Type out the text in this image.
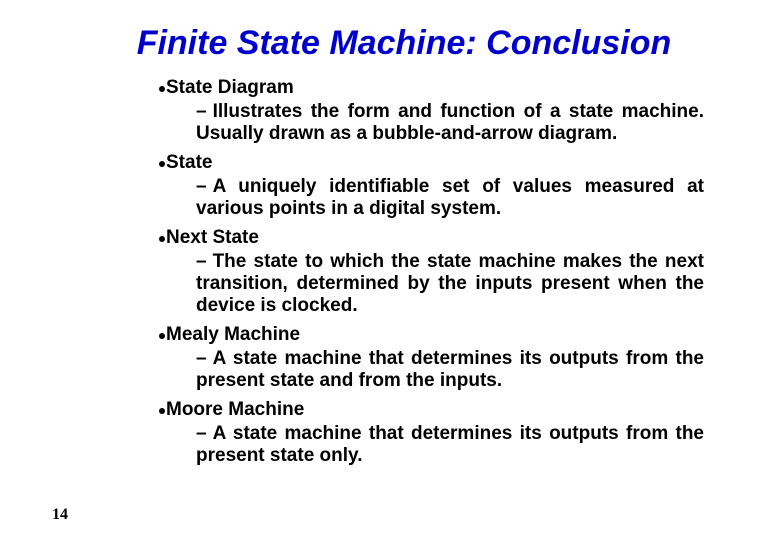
Finite State Machine: Conclusion
State Diagram
– Illustrates the form and function of a state machine. Usually drawn as a bubble-and-arrow diagram.
State
– A uniquely identifiable set of values measured at various points in a digital system.
Next State
– The state to which the state machine makes the next transition, determined by the inputs present when the device is clocked.
Mealy Machine
– A state machine that determines its outputs from the present state and from the inputs.
Moore Machine
– A state machine that determines its outputs from the present state only.
14
